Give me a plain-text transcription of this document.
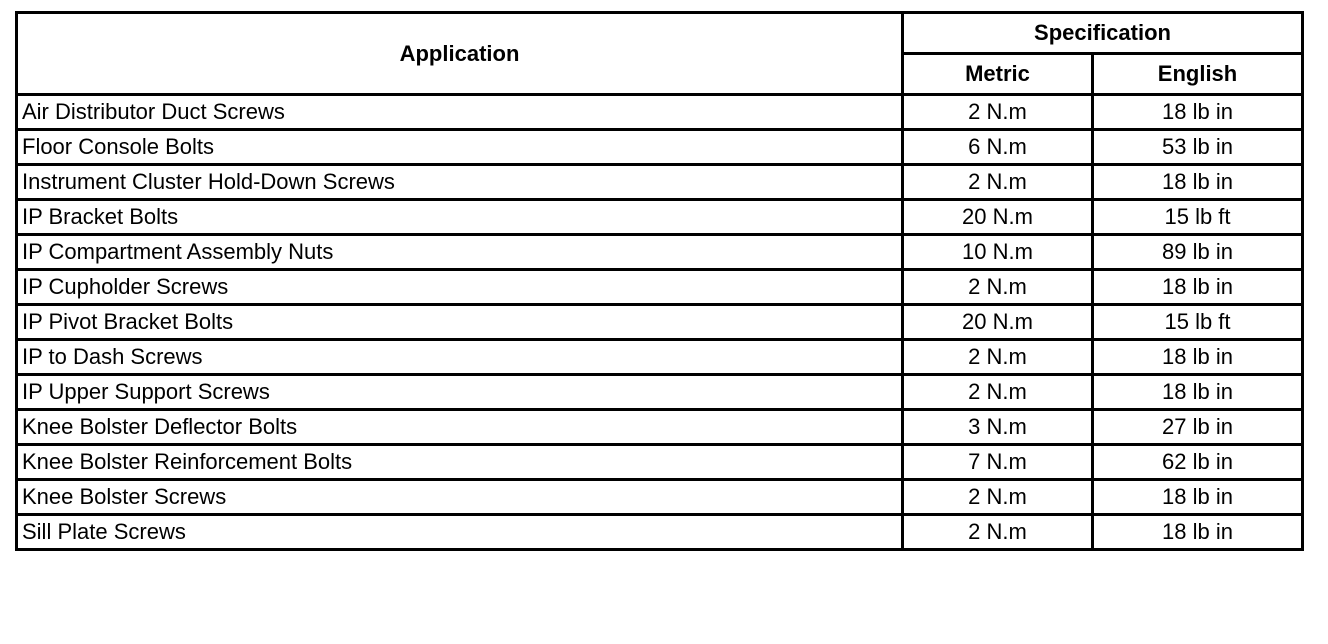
Application	Specification	
	Metric	English
Air Distributor Duct Screws	2 N.m	18 lb in
Floor Console Bolts	6 N.m	53 lb in
Instrument Cluster Hold-Down Screws	2 N.m	18 lb in
IP Bracket Bolts	20 N.m	15 lb ft
IP Compartment Assembly Nuts	10 N.m	89 lb in
IP Cupholder Screws	2 N.m	18 lb in
IP Pivot Bracket Bolts	20 N.m	15 lb ft
IP to Dash Screws	2 N.m	18 lb in
IP Upper Support Screws	2 N.m	18 lb in
Knee Bolster Deflector Bolts	3 N.m	27 lb in
Knee Bolster Reinforcement Bolts	7 N.m	62 lb in
Knee Bolster Screws	2 N.m	18 lb in
Sill Plate Screws	2 N.m	18 lb in
